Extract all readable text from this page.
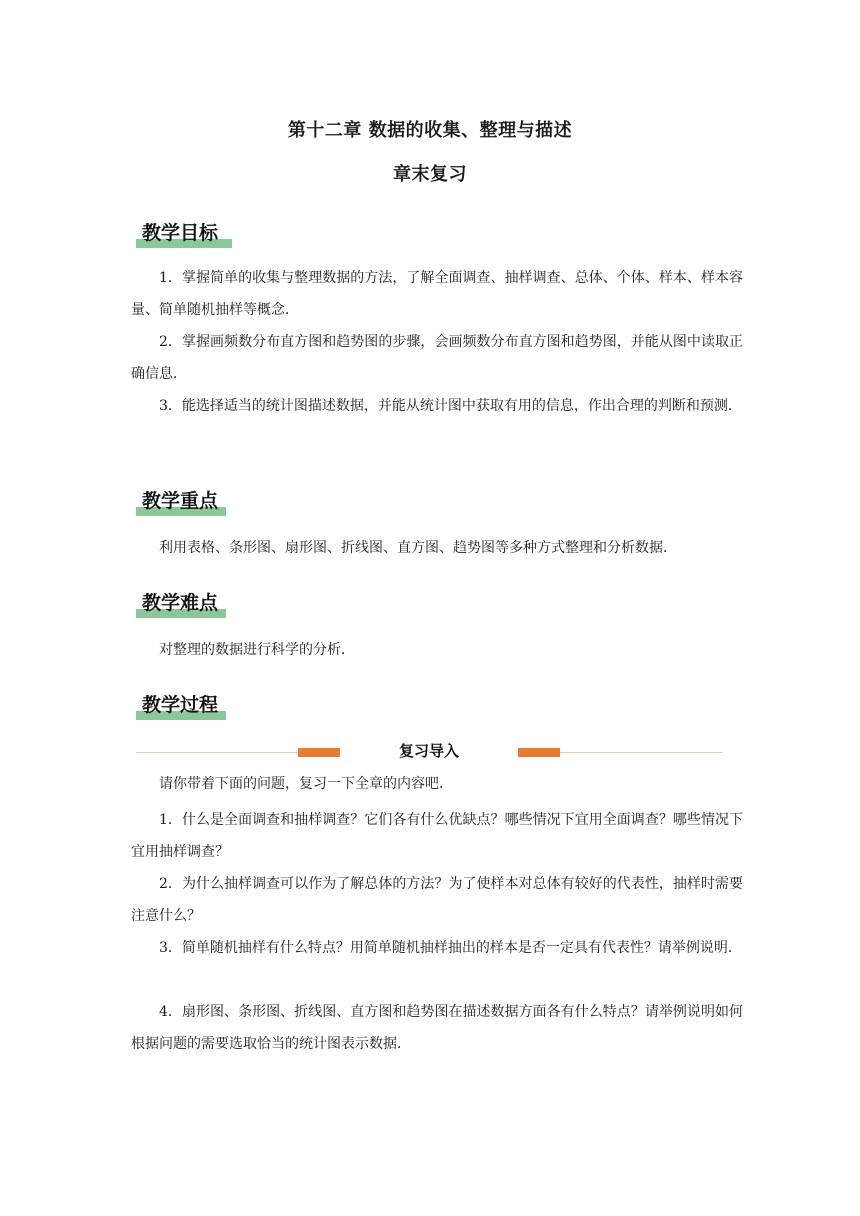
第十二章 数据的收集、整理与描述
章末复习
教学目标

1．掌握简单的收集与整理数据的方法，了解全面调查、抽样调查、总体、个体、样本、样本容量、简单随机抽样等概念．

2．掌握画频数分布直方图和趋势图的步骤，会画频数分布直方图和趋势图，并能从图中读取正确信息．

3．能选择适当的统计图描述数据，并能从统计图中获取有用的信息，作出合理的判断和预测．

教学重点

利用表格、条形图、扇形图、折线图、直方图、趋势图等多种方式整理和分析数据．

教学难点

对整理的数据进行科学的分析．

教学过程
复习导入

请你带着下面的问题，复习一下全章的内容吧．

1．什么是全面调查和抽样调查？它们各有什么优缺点？哪些情况下宜用全面调查？哪些情况下宜用抽样调查？

2．为什么抽样调查可以作为了解总体的方法？为了使样本对总体有较好的代表性，抽样时需要注意什么？

3．简单随机抽样有什么特点？用简单随机抽样抽出的样本是否一定具有代表性？请举例说明．

4．扇形图、条形图、折线图、直方图和趋势图在描述数据方面各有什么特点？请举例说明如何根据问题的需要选取恰当的统计图表示数据．
